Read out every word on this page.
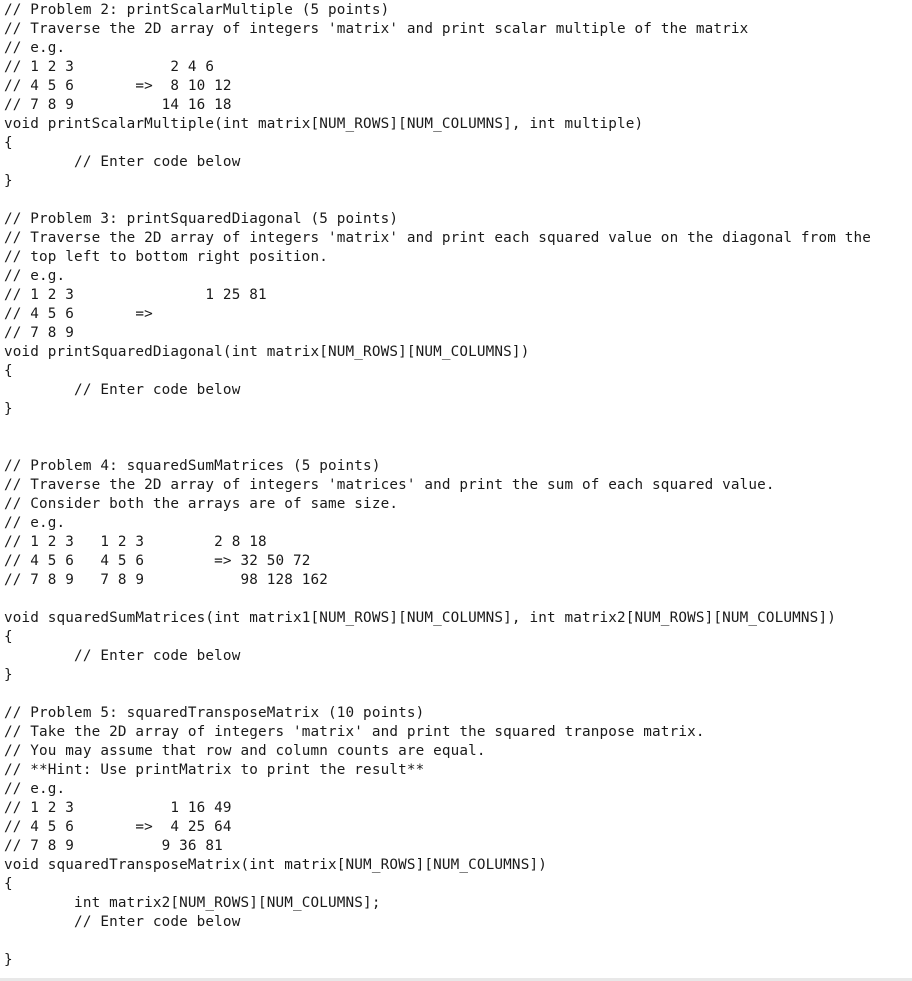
// Problem 2: printScalarMultiple (5 points)
// Traverse the 2D array of integers 'matrix' and print scalar multiple of the matrix
// e.g.
// 1 2 3           2 4 6
// 4 5 6       =>  8 10 12
// 7 8 9          14 16 18
void printScalarMultiple(int matrix[NUM_ROWS][NUM_COLUMNS], int multiple)
{
// Enter code below
}
// Problem 3: printSquaredDiagonal (5 points)
// Traverse the 2D array of integers 'matrix' and print each squared value on the diagonal from the
// top left to bottom right position.
// e.g.
// 1 2 3               1 25 81
// 4 5 6       =>
// 7 8 9
void printSquaredDiagonal(int matrix[NUM_ROWS][NUM_COLUMNS])
{
// Enter code below
}
// Problem 4: squaredSumMatrices (5 points)
// Traverse the 2D array of integers 'matrices' and print the sum of each squared value.
// Consider both the arrays are of same size.
// e.g.
// 1 2 3   1 2 3        2 8 18
// 4 5 6   4 5 6        => 32 50 72
// 7 8 9   7 8 9           98 128 162
void squaredSumMatrices(int matrix1[NUM_ROWS][NUM_COLUMNS], int matrix2[NUM_ROWS][NUM_COLUMNS])
{
// Enter code below
}
// Problem 5: squaredTransposeMatrix (10 points)
// Take the 2D array of integers 'matrix' and print the squared tranpose matrix.
// You may assume that row and column counts are equal.
// **Hint: Use printMatrix to print the result**
// e.g.
// 1 2 3           1 16 49
// 4 5 6       =>  4 25 64
// 7 8 9          9 36 81
void squaredTransposeMatrix(int matrix[NUM_ROWS][NUM_COLUMNS])
{
int matrix2[NUM_ROWS][NUM_COLUMNS];
// Enter code below
}
